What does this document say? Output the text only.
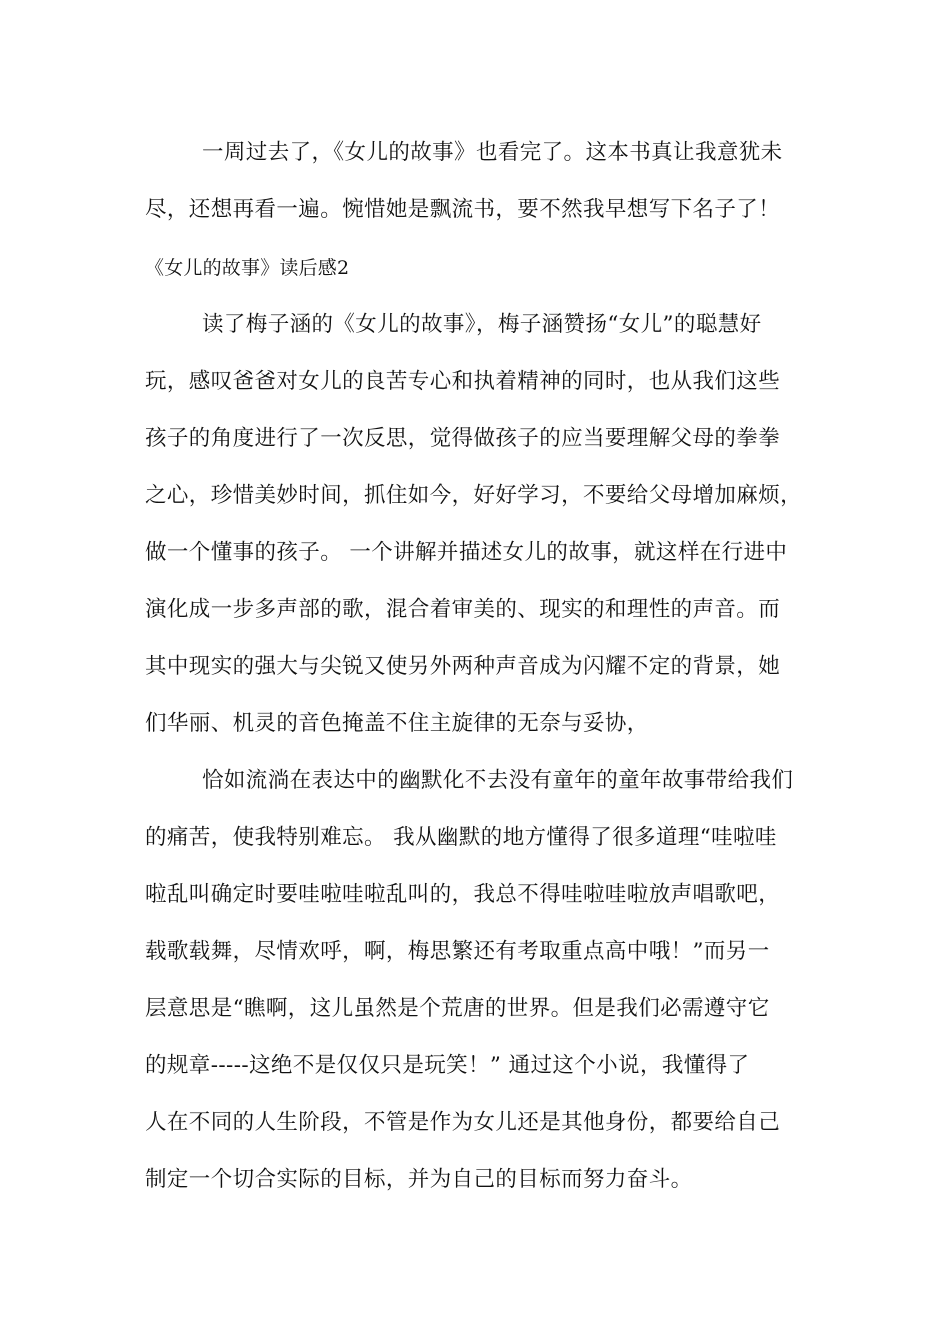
一周过去了，《女儿的故事》也看完了。这本书真让我意犹未
尽，还想再看一遍。惋惜她是飘流书，要不然我早想写下名子了！
《女儿的故事》读后感2
读了梅子涵的《女儿的故事》，梅子涵赞扬“女儿”的聪慧好
玩，感叹爸爸对女儿的良苦专心和执着精神的同时，也从我们这些
孩子的角度进行了一次反思，觉得做孩子的应当要理解父母的拳拳
之心，珍惜美妙时间，抓住如今，好好学习，不要给父母增加麻烦，
做一个懂事的孩子。 一个讲解并描述女儿的故事，就这样在行进中
演化成一步多声部的歌，混合着审美的、现实的和理性的声音。而
其中现实的强大与尖锐又使另外两种声音成为闪耀不定的背景，她
们华丽、机灵的音色掩盖不住主旋律的无奈与妥协，
恰如流淌在表达中的幽默化不去没有童年的童年故事带给我们
的痛苦，使我特别难忘。 我从幽默的地方懂得了很多道理“哇啦哇
啦乱叫确定时要哇啦哇啦乱叫的，我总不得哇啦哇啦放声唱歌吧，
载歌载舞，尽情欢呼，啊，梅思繁还有考取重点高中哦！”而另一
层意思是“瞧啊，这儿虽然是个荒唐的世界。但是我们必需遵守它
的规章-----这绝不是仅仅只是玩笑！” 通过这个小说，我懂得了
人在不同的人生阶段，不管是作为女儿还是其他身份，都要给自己
制定一个切合实际的目标，并为自己的目标而努力奋斗。
